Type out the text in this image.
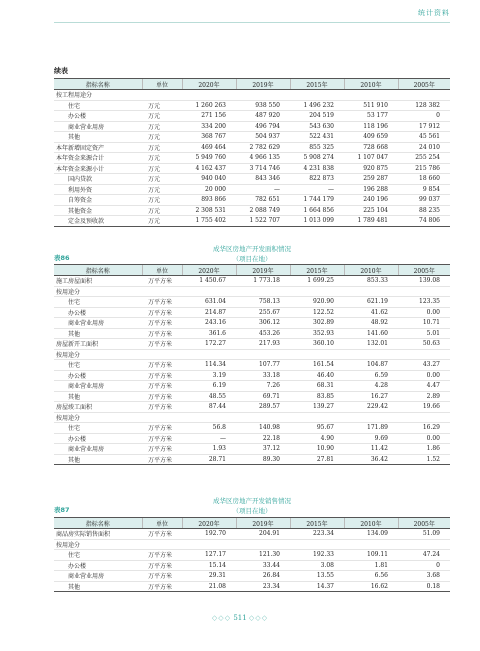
统计资料
续表
指标名称	单位	2020年	2019年	2015年	2010年	2005年
按工程用途分						
住宅	万元	1 260 263	938 550	1 496 232	511 910	128 382
办公楼	万元	271 156	487 920	204 519	53 177	0
商业营业用房	万元	334 200	496 794	543 630	118 196	17 912
其他	万元	368 767	504 937	522 431	409 659	45 561
本年新增固定资产	万元	469 464	2 782 629	855 325	728 668	24 010
本年资金来源合计	万元	5 949 760	4 966 135	5 908 274	1 107 047	255 254
本年资金来源小计	万元	4 162 437	3 714 746	4 231 838	920 875	215 786
国内贷款	万元	940 040	843 346	822 873	259 287	18 660
利用外资	万元	20 000	—	—	196 288	9 854
自筹资金	万元	893 866	782 651	1 744 179	240 196	99 037
其他资金	万元	2 308 531	2 088 749	1 664 856	225 104	88 235
定金及预收款	万元	1 755 402	1 522 707	1 013 099	1 789 481	74 806
成华区房地产开发面积情况
（项目在地）
表86
指标名称	单位	2020年	2019年	2015年	2010年	2005年
施工房屋面积	万平方米	1 450.67	1 773.18	1 699.25	853.33	139.08
按用途分						
住宅	万平方米	631.04	758.13	920.90	621.19	123.35
办公楼	万平方米	214.87	255.67	122.52	41.62	0.00
商业营业用房	万平方米	243.16	306.12	302.89	48.92	10.71
其他	万平方米	361.6	453.26	352.93	141.60	5.01
房屋新开工面积	万平方米	172.27	217.93	360.10	132.01	50.63
按用途分						
住宅	万平方米	114.34	107.77	161.54	104.87	43.27
办公楼	万平方米	3.19	33.18	46.40	6.59	0.00
商业营业用房	万平方米	6.19	7.26	68.31	4.28	4.47
其他	万平方米	48.55	69.71	83.85	16.27	2.89
房屋竣工面积	万平方米	87.44	289.57	139.27	229.42	19.66
按用途分						
住宅	万平方米	56.8	140.98	95.67	171.89	16.29
办公楼	万平方米	—	22.18	4.90	9.69	0.00
商业营业用房	万平方米	1.93	37.12	10.90	11.42	1.86
其他	万平方米	28.71	89.30	27.81	36.42	1.52
成华区房地产开发销售情况
（项目在地）
表87
指标名称	单位	2020年	2019年	2015年	2010年	2005年
商品房实际销售面积	万平方米	192.70	204.91	223.34	134.09	51.09
按用途分						
住宅	万平方米	127.17	121.30	192.33	109.11	47.24
办公楼	万平方米	15.14	33.44	3.08	1.81	0
商业营业用房	万平方米	29.31	26.84	13.55	6.56	3.68
其他	万平方米	21.08	23.34	14.37	16.62	0.18
◇◇◇ 511 ◇◇◇
